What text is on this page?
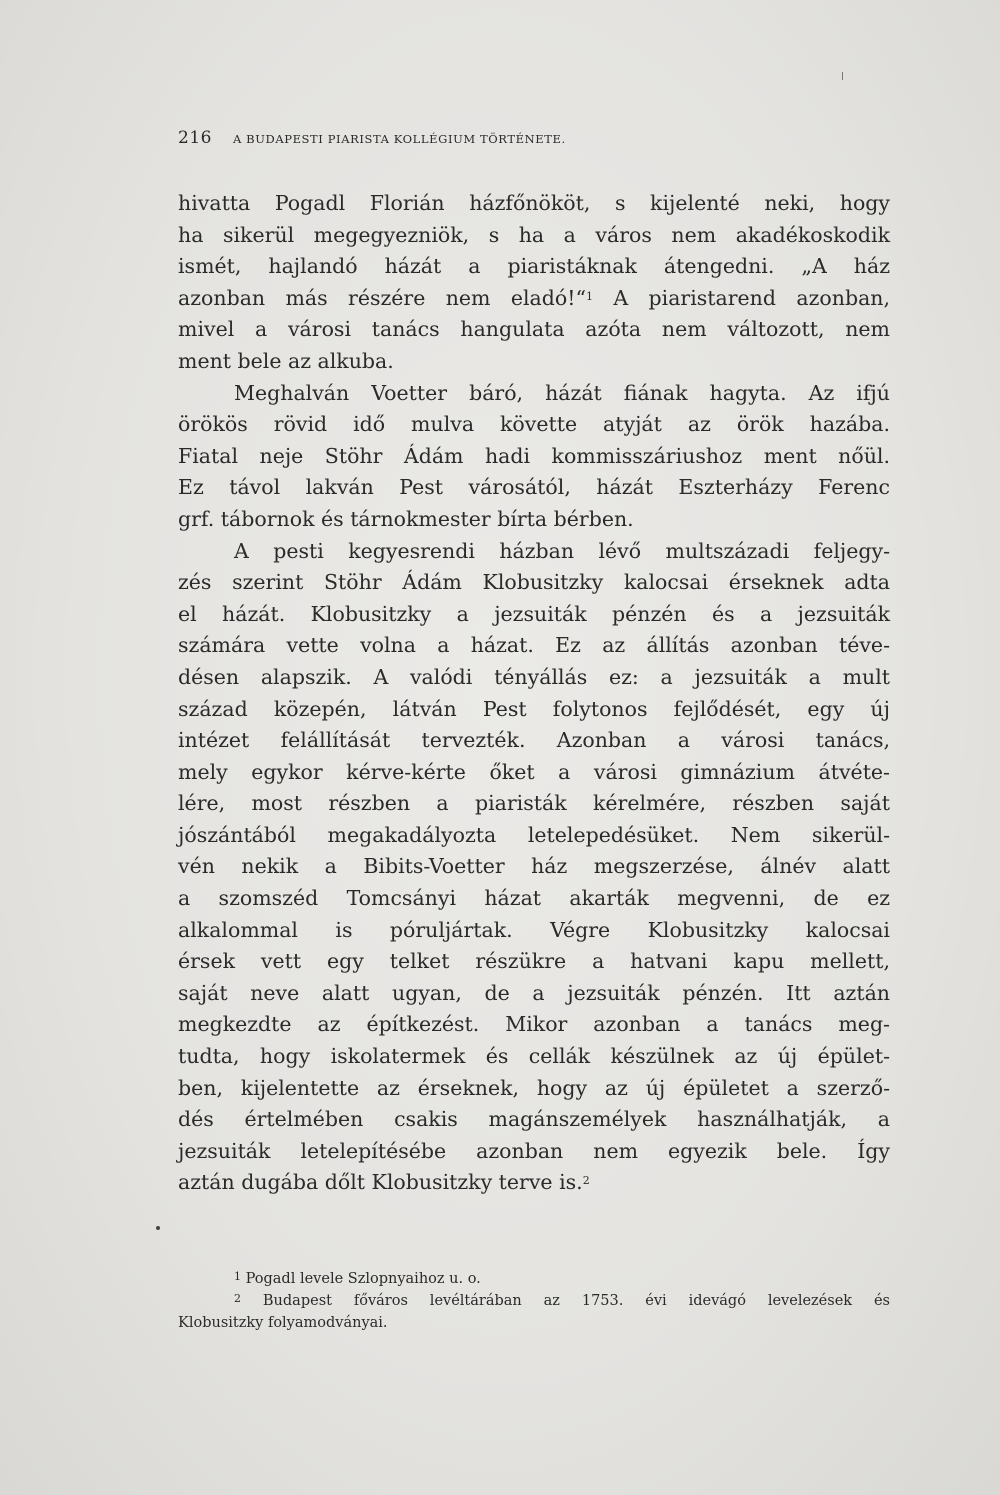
216 A BUDAPESTI PIARISTA KOLLÉGIUM TÖRTÉNETE.
hivatta Pogadl Florián házfőnököt, s kijelenté neki, hogy
ha sikerül megegyezniök, s ha a város nem akadékoskodik
ismét, hajlandó házát a piaristáknak átengedni. „A ház
azonban más részére nem eladó!“$^1$ A piaristarend azonban,
mivel a városi tanács hangulata azóta nem változott, nem
ment bele az alkuba.
Meghalván Voetter báró, házát fiának hagyta. Az ifjú
örökös rövid idő mulva követte atyját az örök hazába.
Fiatal neje Stöhr Ádám hadi kommisszáriushoz ment nőül.
Ez távol lakván Pest városától, házát Eszterházy Ferenc
grf. tábornok és tárnokmester bírta bérben.
A pesti kegyesrendi házban lévő multszázadi feljegy-
zés szerint Stöhr Ádám Klobusitzky kalocsai érseknek adta
el házát. Klobusitzky a jezsuiták pénzén és a jezsuiták
számára vette volna a házat. Ez az állítás azonban téve-
désen alapszik. A valódi tényállás ez: a jezsuiták a mult
század közepén, látván Pest folytonos fejlődését, egy új
intézet felállítását tervezték. Azonban a városi tanács,
mely egykor kérve-kérte őket a városi gimnázium átvéte-
lére, most részben a piaristák kérelmére, részben saját
jószántából megakadályozta letelepedésüket. Nem sikerül-
vén nekik a Bibits-Voetter ház megszerzése, álnév alatt
a szomszéd Tomcsányi házat akarták megvenni, de ez
alkalommal is póruljártak. Végre Klobusitzky kalocsai
érsek vett egy telket részükre a hatvani kapu mellett,
saját neve alatt ugyan, de a jezsuiták pénzén. Itt aztán
megkezdte az építkezést. Mikor azonban a tanács meg-
tudta, hogy iskolatermek és cellák készülnek az új épület-
ben, kijelentette az érseknek, hogy az új épületet a szerző-
dés értelmében csakis magánszemélyek használhatják, a
jezsuiták letelepítésébe azonban nem egyezik bele. Így
aztán dugába dőlt Klobusitzky terve is.$^2$
$^1$ Pogadl levele Szlopnyaihoz u. o.
$^2$ Budapest főváros levéltárában az 1753. évi idevágó levelezések és
Klobusitzky folyamodványai.
